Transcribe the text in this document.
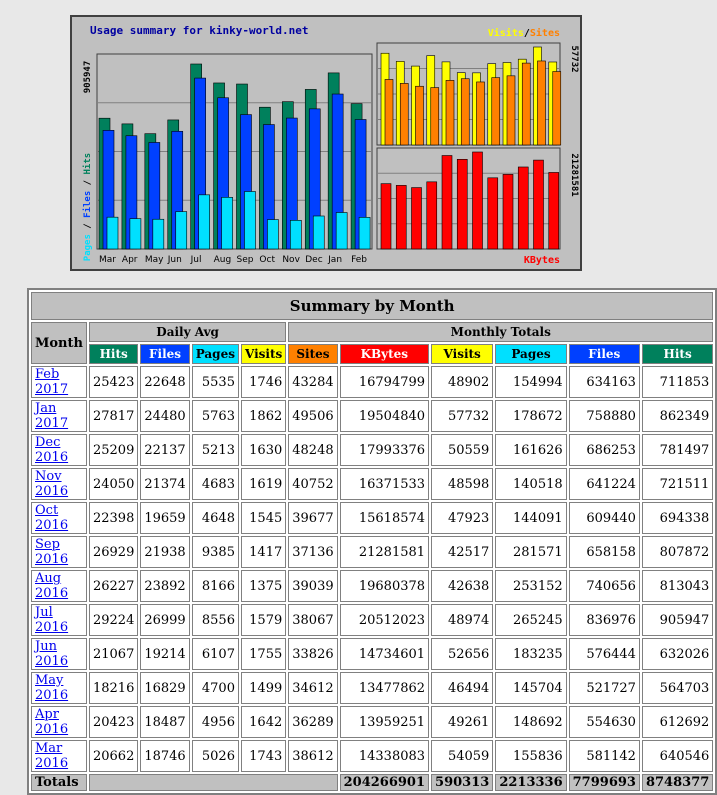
Usage summary for kinky-world.net
Mar Apr May Jun Jul Aug Sep Oct Nov Dec Jan Feb
905947
Pages / Files / Hits
57732
Visits/Sites
21281581
KBytes
Summary by Month										
Month	Daily Avg				Monthly Totals					
	Hits	Files	Pages	Visits	Sites	KBytes	Visits	Pages	Files	Hits
Feb 2017	25423	22648	5535	1746	43284	16794799	48902	154994	634163	711853
Jan 2017	27817	24480	5763	1862	49506	19504840	57732	178672	758880	862349
Dec 2016	25209	22137	5213	1630	48248	17993376	50559	161626	686253	781497
Nov 2016	24050	21374	4683	1619	40752	16371533	48598	140518	641224	721511
Oct 2016	22398	19659	4648	1545	39677	15618574	47923	144091	609440	694338
Sep 2016	26929	21938	9385	1417	37136	21281581	42517	281571	658158	807872
Aug 2016	26227	23892	8166	1375	39039	19680378	42638	253152	740656	813043
Jul 2016	29224	26999	8556	1579	38067	20512023	48974	265245	836976	905947
Jun 2016	21067	19214	6107	1755	33826	14734601	52656	183235	576444	632026
May 2016	18216	16829	4700	1499	34612	13477862	46494	145704	521727	564703
Apr 2016	20423	18487	4956	1642	36289	13959251	49261	148692	554630	612692
Mar 2016	20662	18746	5026	1743	38612	14338083	54059	155836	581142	640546
Totals						204266901	590313	2213336	7799693	8748377
